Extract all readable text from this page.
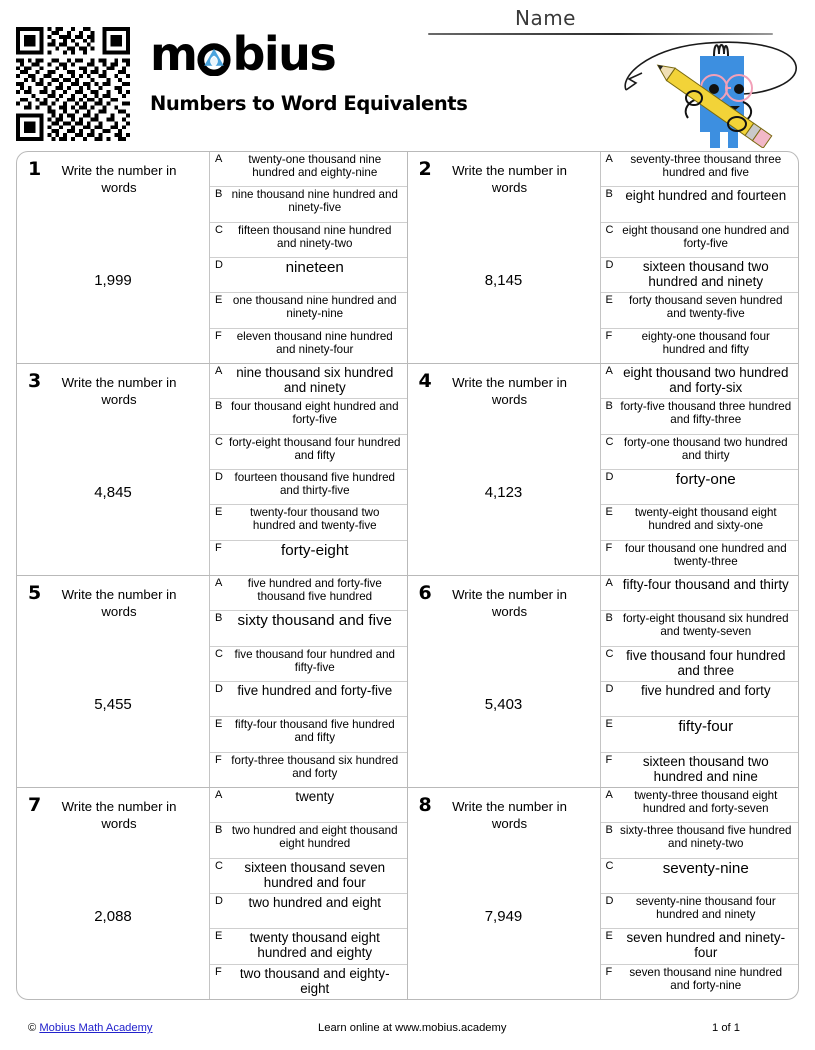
m bius
Numbers to Word Equivalents
Name
1	Write the number in words
1,999
A	twenty-one thousand nine hundred and eighty-nine
B nine thousand nine hundred and ninety-five
C	fifteen thousand nine hundred and ninety-two
D	nineteen
E one thousand nine hundred and ninety-nine
F	eleven thousand nine hundred and ninety-four
2	Write the number in words
8,145
A	seventy-three thousand three hundred and five
B eight hundred and fourteen
C eight thousand one hundred and forty-five
D	sixteen thousand two hundred and ninety
E	forty thousand seven hundred and twenty-five
F	eighty-one thousand four hundred and fifty
3	Write the number in words
4,845
A	nine thousand six hundred and ninety
B four thousand eight hundred and forty-five
C forty-eight thousand four hundred and fifty
D fourteen thousand five hundred and thirty-five
E	twenty-four thousand two hundred and twenty-five
F	forty-eight
4	Write the number in words
4,123
A eight thousand two hundred and forty-six
B forty-five thousand three hundred and fifty-three
C forty-one thousand two hundred and thirty
D	forty-one
E	twenty-eight thousand eight hundred and sixty-one
F	four thousand one hundred and twenty-three
5	Write the number in words
5,455
A	five hundred and forty-five thousand five hundred
B sixty thousand and five
C five thousand four hundred and fifty-five
D	five hundred and forty-five
E	fifty-four thousand five hundred and fifty
F forty-three thousand six hundred and forty
6	Write the number in words
5,403
A fifty-four thousand and thirty
B forty-eight thousand six hundred and twenty-seven
C five thousand four hundred and three
D	five hundred and forty
E	fifty-four
F	sixteen thousand two hundred and nine
7	Write the number in words
2,088
A	twenty
B two hundred and eight thousand eight hundred
C	sixteen thousand seven hundred and four
D	two hundred and eight
E	twenty thousand eight hundred and eighty
F	two thousand and eighty-eight
8	Write the number in words
7,949
A	twenty-three thousand eight hundred and forty-seven
B sixty-three thousand five hundred and ninety-two
C	seventy-nine
D	seventy-nine thousand four hundred and ninety
E	seven hundred and ninety-four
F	seven thousand nine hundred and forty-nine
© Mobius Math Academy	Learn online at www.mobius.academy	1 of 1
